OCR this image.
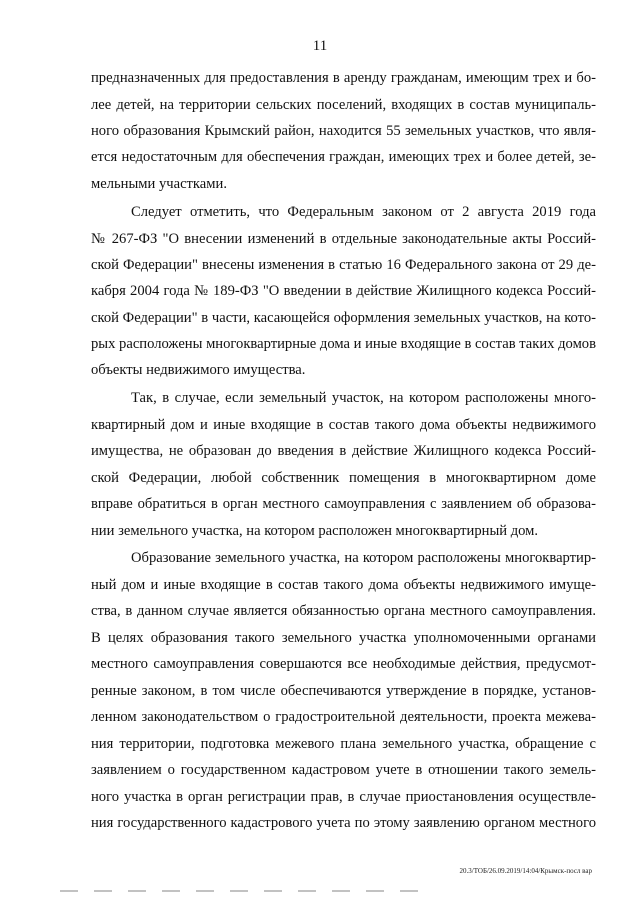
11

предназначенных для предоставления в аренду гражданам, имеющим трех и бо-

лее детей, на территории сельских поселений, входящих в состав муниципаль-

ного образования Крымский район, находится 55 земельных участков, что явля-

ется недостаточным для обеспечения граждан, имеющих трех и более детей, зе-

мельными участками.

Следует отметить, что Федеральным законом от 2 августа 2019 года

№ 267-ФЗ "О внесении изменений в отдельные законодательные акты Россий-

ской Федерации" внесены изменения в статью 16 Федерального закона от 29 де-

кабря 2004 года № 189-ФЗ "О введении в действие Жилищного кодекса Россий-

ской Федерации" в части, касающейся оформления земельных участков, на кото-

рых расположены многоквартирные дома и иные входящие в состав таких домов

объекты недвижимого имущества.

Так, в случае, если земельный участок, на котором расположены много-

квартирный дом и иные входящие в состав такого дома объекты недвижимого

имущества, не образован до введения в действие Жилищного кодекса Россий-

ской Федерации, любой собственник помещения в многоквартирном доме

вправе обратиться в орган местного самоуправления с заявлением об образова-

нии земельного участка, на котором расположен многоквартирный дом.

Образование земельного участка, на котором расположены многоквартир-

ный дом и иные входящие в состав такого дома объекты недвижимого имуще-

ства, в данном случае является обязанностью органа местного самоуправления.

В целях образования такого земельного участка уполномоченными органами

местного самоуправления совершаются все необходимые действия, предусмот-

ренные законом, в том числе обеспечиваются утверждение в порядке, установ-

ленном законодательством о градостроительной деятельности, проекта межева-

ния территории, подготовка межевого плана земельного участка, обращение с

заявлением о государственном кадастровом учете в отношении такого земель-

ного участка в орган регистрации прав, в случае приостановления осуществле-

ния государственного кадастрового учета по этому заявлению органом местного

20.3/ТОБ/26.09.2019/14:04/Крымск-посл вар
